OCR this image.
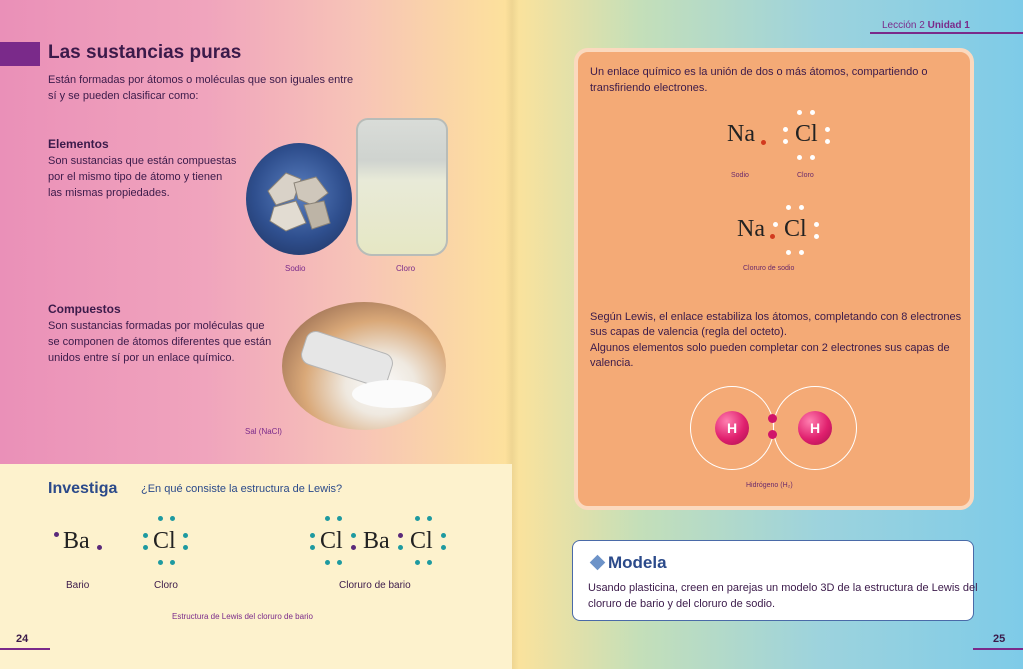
Las sustancias puras
Están formadas por átomos o moléculas que son iguales entre
sí y se pueden clasificar como:
Elementos
Son sustancias que están compuestas
por el mismo tipo de átomo y tienen
las mismas propiedades.
Sodio	Cloro
Compuestos
Son sustancias formadas por moléculas que
se componen de átomos diferentes que están
unidos entre sí por un enlace químico.
Sal (NaCl)
Investiga ¿En qué consiste la estructura de Lewis?
Ba	Cl	Cl Ba Cl
Bario	Cloro	Cloruro de bario
Estructura de Lewis del cloruro de bario
24
Lección 2 Unidad 1
Un enlace químico es la unión de dos o más átomos, compartiendo o
transfiriendo electrones.
Na Cl
Sodio	Cloro
Na Cl
Cloruro de sodio
Según Lewis, el enlace estabiliza los átomos, completando con 8 electrones
sus capas de valencia (regla del octeto).
Algunos elementos solo pueden completar con 2 electrones sus capas de
valencia.
H	H
Hidrógeno (H₂)
Modela
Usando plasticina, creen en parejas un modelo 3D de la estructura de Lewis del
cloruro de bario y del cloruro de sodio.
25
